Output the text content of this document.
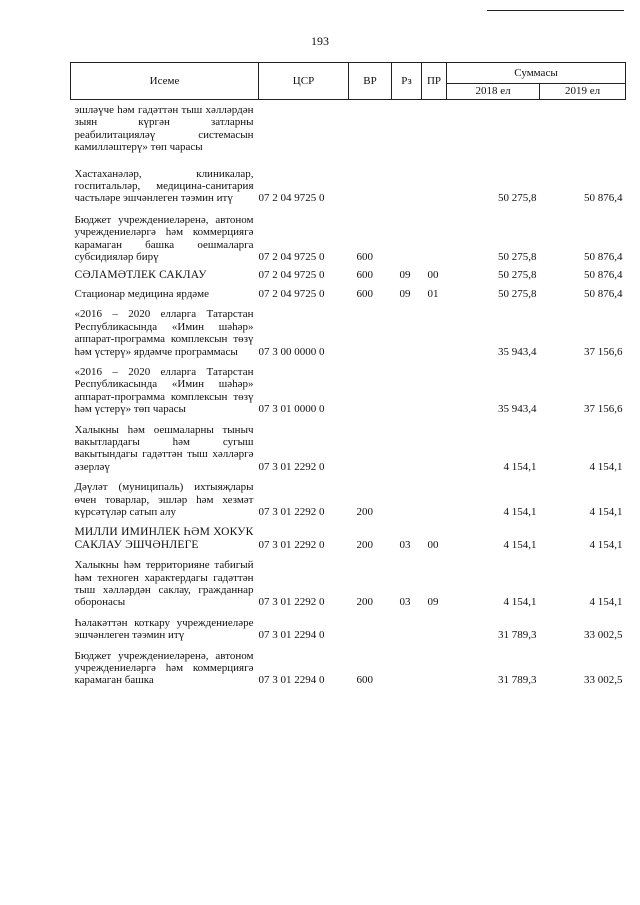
193
Исеме	ЦСР	ВР	Рз	ПР	Суммасы	
					2018 ел	2019 ел
эшләүче һәм гадәттән тыш хәлләрдән зыян күргән затларны реабилитацияләү системасын камилләштерү» төп чарасы						
Хастаханәләр, клиникалар, госпитальләр, медицина-санитария частьләре эшчәнлеген тәэмин итү	07 2 04 9725 0				50 275,8	50 876,4
Бюджет учреждениеләренә, автоном учреждениеләргә һәм коммерциягә карамаган башка оешмаларга субсидияләр бирү	07 2 04 9725 0	600			50 275,8	50 876,4
СӘЛАМӘТЛЕК САКЛАУ	07 2 04 9725 0	600	09	00	50 275,8	50 876,4
Стационар медицина ярдәме	07 2 04 9725 0	600	09	01	50 275,8	50 876,4
«2016 – 2020 елларга Татарстан Республикасында «Имин шәһәр» аппарат-программа комплексын төзү һәм үстерү» ярдәмче программасы	07 3 00 0000 0				35 943,4	37 156,6
«2016 – 2020 елларга Татарстан Республикасында «Имин шәһәр» аппарат-программа комплексын төзү һәм үстерү» төп чарасы	07 3 01 0000 0				35 943,4	37 156,6
Халыкны һәм оешмаларны тыныч вакытлардагы һәм сугыш вакытындагы гадәттән тыш хәлләргә әзерләү	07 3 01 2292 0				4 154,1	4 154,1
Дәүләт (муниципаль) ихтыяҗлары өчен товарлар, эшләр һәм хезмәт күрсәтүләр сатып алу	07 3 01 2292 0	200			4 154,1	4 154,1
МИЛЛИ ИМИНЛЕК ҺӘМ ХОКУК САКЛАУ ЭШЧӘНЛЕГЕ	07 3 01 2292 0	200	03	00	4 154,1	4 154,1
Халыкны һәм территорияне табигый һәм техноген характердагы гадәттән тыш хәлләрдән саклау, гражданнар оборонасы	07 3 01 2292 0	200	03	09	4 154,1	4 154,1
Һәлакәттән коткару учреждениеләре эшчәнлеген тәэмин итү	07 3 01 2294 0				31 789,3	33 002,5
Бюджет учреждениеләренә, автоном учреждениеләргә һәм коммерциягә карамаган башка	07 3 01 2294 0	600			31 789,3	33 002,5
